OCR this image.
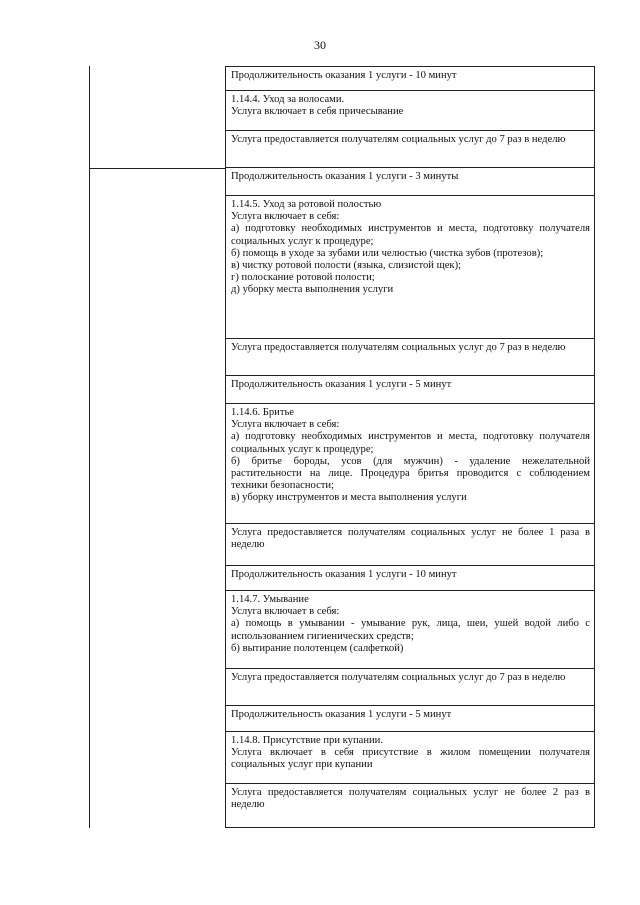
30
Продолжительность оказания 1 услуги - 10 минут
1.14.4. Уход за волосами.
Услуга включает в себя причесывание
Услуга предоставляется получателям социальных услуг до 7 раз в неделю
Продолжительность оказания 1 услуги - 3 минуты
1.14.5. Уход за ротовой полостью
Услуга включает в себя:
а) подготовку необходимых инструментов и места, подготовку получателя социальных услуг к процедуре;
б) помощь в уходе за зубами или челюстью (чистка зубов (протезов);
в) чистку ротовой полости (языка, слизистой щек);
г) полоскание ротовой полости;
д) уборку места выполнения услуги
Услуга предоставляется получателям социальных услуг до 7 раз в неделю
Продолжительность оказания 1 услуги - 5 минут
1.14.6. Бритье
Услуга включает в себя:
а) подготовку необходимых инструментов и места, подготовку получателя социальных услуг к процедуре;
б) бритье бороды, усов (для мужчин) - удаление нежелательной растительности на лице. Процедура бритья проводится с соблюдением техники безопасности;
в) уборку инструментов и места выполнения услуги
Услуга предоставляется получателям социальных услуг не более 1 раза в неделю
Продолжительность оказания 1 услуги - 10 минут
1.14.7. Умывание
Услуга включает в себя:
а) помощь в умывании - умывание рук, лица, шеи, ушей водой либо с использованием гигиенических средств;
б) вытирание полотенцем (салфеткой)
Услуга предоставляется получателям социальных услуг до 7 раз в неделю
Продолжительность оказания 1 услуги - 5 минут
1.14.8. Присутствие при купании.
Услуга включает в себя присутствие в жилом помещении получателя социальных услуг при купании
Услуга предоставляется получателям социальных услуг не более 2 раз в неделю
